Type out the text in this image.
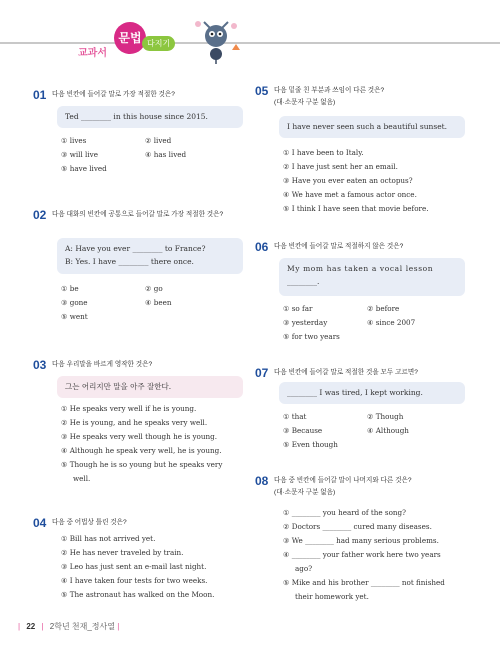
교과서
문법 다지기
01 다음 빈칸에 들어갈 말로 가장 적절한 것은?
Ted ________ in this house since 2015.
① lives	② lived
③ will live	④ has lived
⑤ have lived
02 다음 대화의 빈칸에 공통으로 들어갈 말로 가장 적절한 것은?
A: Have you ever ________ to France?
B: Yes. I have ________ there once.
① be	② go
③ gone	④ been
⑤ went
03 다음 우리말을 바르게 영작한 것은?
그는 어리지만 말을 아주 잘한다.
① He speaks very well if he is young.
② He is young, and he speaks very well.
③ He speaks very well though he is young.
④ Although he speak very well, he is young.
⑤ Though he is so young but he speaks very
well.
04 다음 중 어법상 틀린 것은?
① Bill has not arrived yet.
② He has never traveled by train.
③ Leo has just sent an e-mail last night.
④ I have taken four tests for two weeks.
⑤ The astronaut has walked on the Moon.
05 다음 밑줄 친 부분과 쓰임이 다른 것은?
(대·소문자 구분 없음)
I have never seen such a beautiful sunset.
① I have been to Italy.
② I have just sent her an email.
③ Have you ever eaten an octopus?
④ We have met a famous actor once.
⑤ I think I have seen that movie before.
06 다음 빈칸에 들어갈 말로 적절하지 않은 것은?
My mom has taken a vocal lesson
________.
① so far	② before
③ yesterday	④ since 2007
⑤ for two years
07 다음 빈칸에 들어갈 말로 적절한 것을 모두 고르면?
________ I was tired, I kept working.
① that	② Though
③ Because	④ Although
⑤ Even though
08 다음 중 빈칸에 들어갈 말이 나머지와 다른 것은?
(대·소문자 구분 없음)
① ________ you heard of the song?
② Doctors ________ cured many diseases.
③ We ________ had many serious problems.
④ ________ your father work here two years
ago?
⑤ Mike and his brother ________ not finished
their homework yet.
| 22 | 2학년 천재_정사열 |
